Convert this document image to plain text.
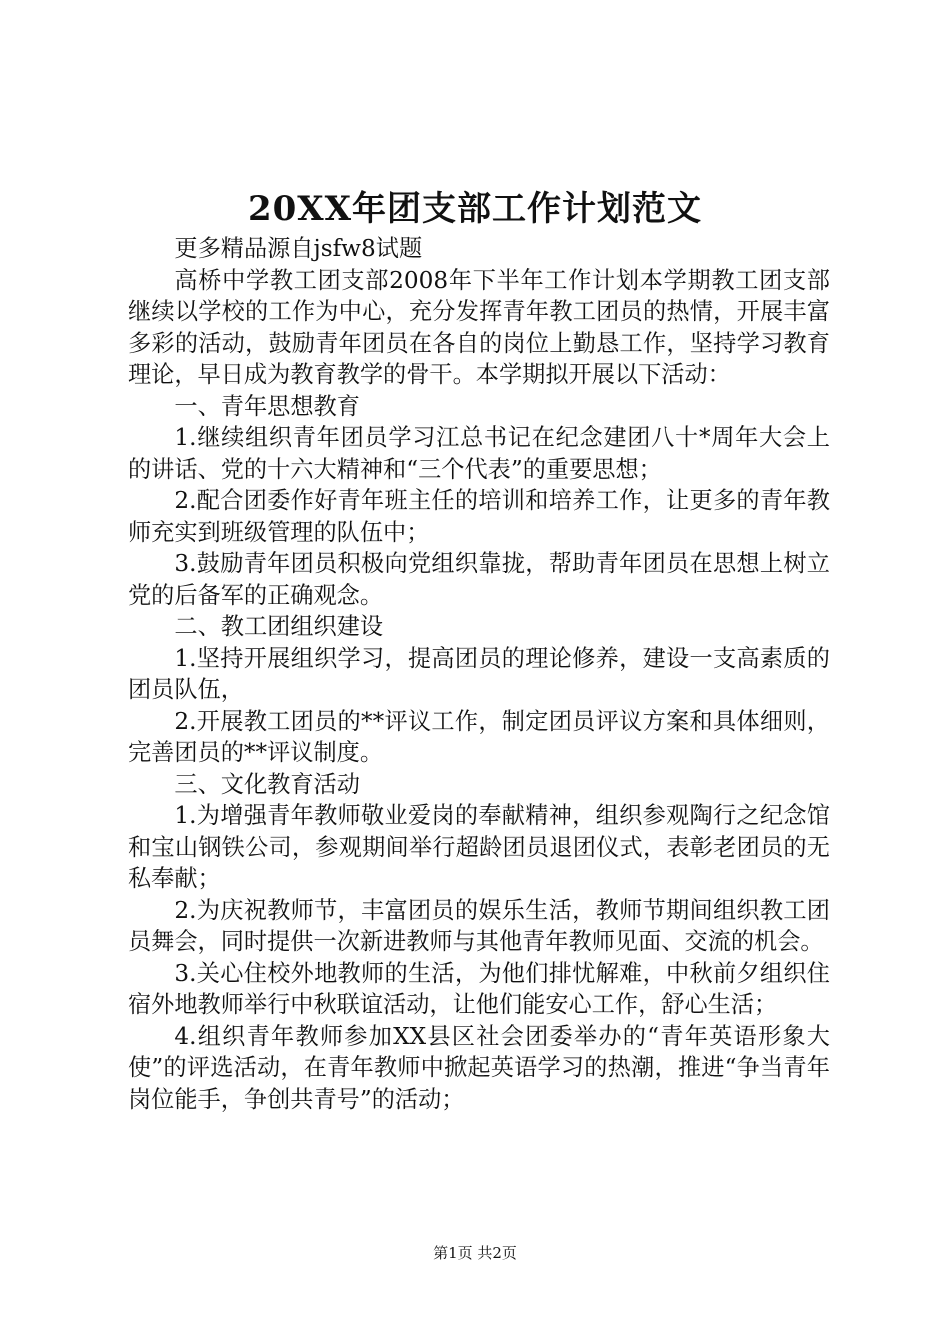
20XX年团支部工作计划范文

更多精品源自jsfw8试题

高桥中学教工团支部2008年下半年工作计划本学期教工团支部继续以学校的工作为中心，充分发挥青年教工团员的热情，开展丰富多彩的活动，鼓励青年团员在各自的岗位上勤恳工作，坚持学习教育理论，早日成为教育教学的骨干。本学期拟开展以下活动：

一、青年思想教育

1.继续组织青年团员学习江总书记在纪念建团八十*周年大会上的讲话、党的十六大精神和“三个代表”的重要思想；

2.配合团委作好青年班主任的培训和培养工作，让更多的青年教师充实到班级管理的队伍中；

3.鼓励青年团员积极向党组织靠拢，帮助青年团员在思想上树立党的后备军的正确观念。

二、教工团组织建设

1.坚持开展组织学习，提高团员的理论修养，建设一支高素质的团员队伍，

2.开展教工团员的**评议工作，制定团员评议方案和具体细则，完善团员的**评议制度。

三、文化教育活动

1.为增强青年教师敬业爱岗的奉献精神，组织参观陶行之纪念馆和宝山钢铁公司，参观期间举行超龄团员退团仪式，表彰老团员的无私奉献；

2.为庆祝教师节，丰富团员的娱乐生活，教师节期间组织教工团员舞会，同时提供一次新进教师与其他青年教师见面、交流的机会。

3.关心住校外地教师的生活，为他们排忧解难，中秋前夕组织住宿外地教师举行中秋联谊活动，让他们能安心工作，舒心生活；

4.组织青年教师参加XX县区社会团委举办的“青年英语形象大使”的评选活动，在青年教师中掀起英语学习的热潮，推进“争当青年岗位能手，争创共青号”的活动；

第1页 共2页
